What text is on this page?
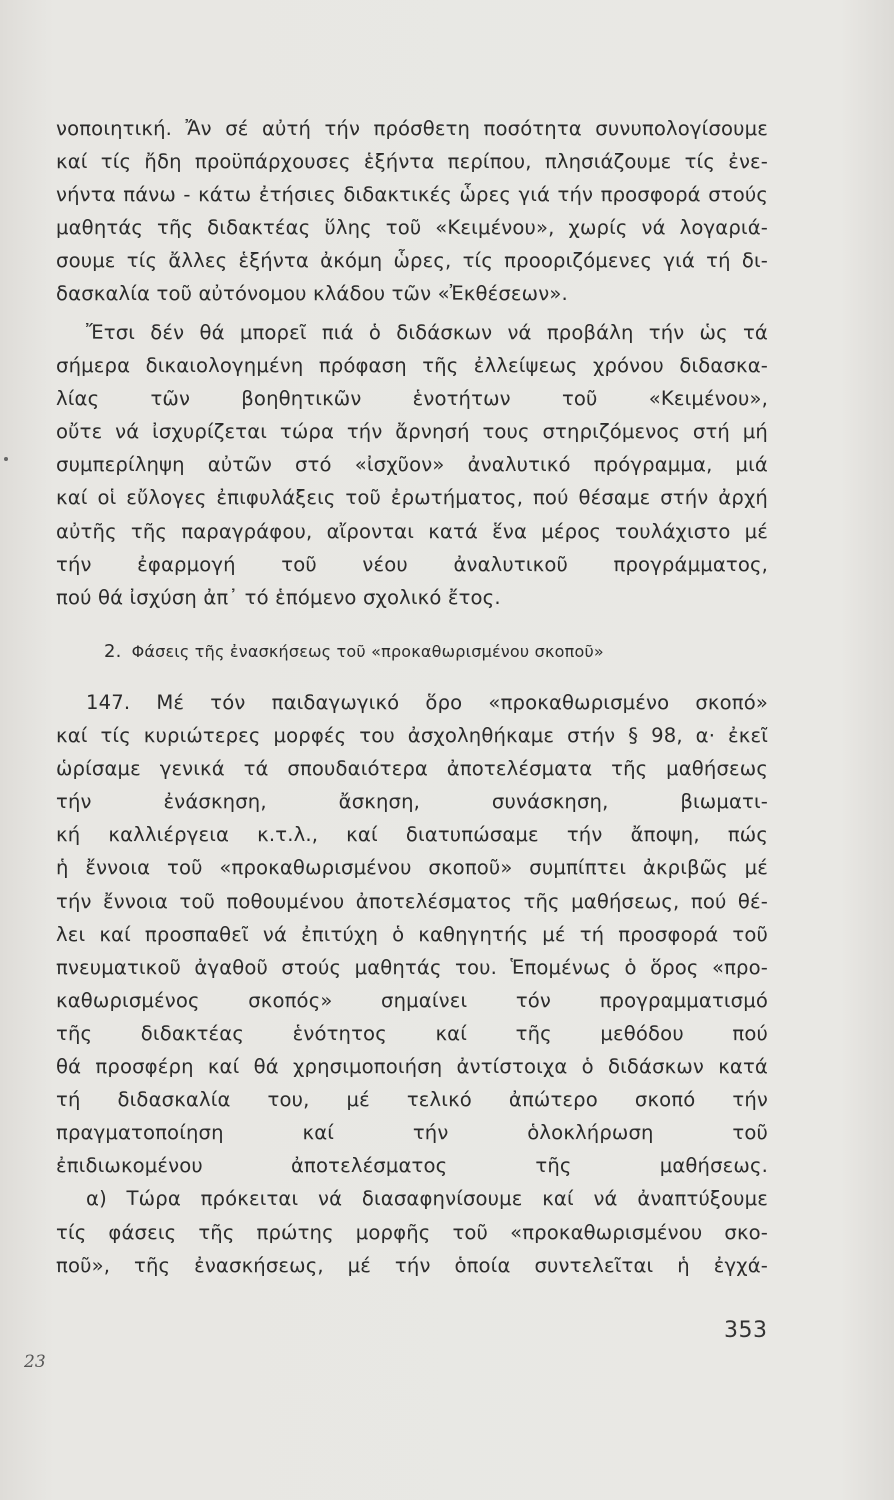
νοποιητική. Ἄν σέ αὐτή τήν πρόσθετη ποσότητα συνυπολογίσουμε
καί τίς ἤδη προϋπάρχουσες ἑξήντα περίπου, πλησιάζουμε τίς ἐνε-
νήντα πάνω - κάτω ἐτήσιες διδακτικές ὧρες γιά τήν προσφορά στούς
μαθητάς τῆς διδακτέας ὕλης τοῦ «Κειμένου», χωρίς νά λογαριά-
σουμε τίς ἄλλες ἑξήντα ἀκόμη ὧρες, τίς προοριζόμενες γιά τή δι-
δασκαλία τοῦ αὐτόνομου κλάδου τῶν «Ἐκθέσεων».
Ἔτσι δέν θά μπορεῖ πιά ὁ διδάσκων νά προβάλη τήν ὡς τά
σήμερα δικαιολογημένη πρόφαση τῆς ἐλλείψεως χρόνου διδασκα-
λίας τῶν βοηθητικῶν ἑνοτήτων τοῦ «Κειμένου»,
οὔτε νά ἰσχυρίζεται τώρα τήν ἄρνησή τους στηριζόμενος στή μή
συμπερίληψη αὐτῶν στό «ἰσχῦον» ἀναλυτικό πρόγραμμα, μιά
καί οἱ εὔλογες ἐπιφυλάξεις τοῦ ἐρωτήματος, πού θέσαμε στήν ἀρχή
αὐτῆς τῆς παραγράφου, αἴρονται κατά ἕνα μέρος τουλάχιστο μέ
τήν ἐφαρμογή τοῦ νέου ἀναλυτικοῦ προγράμματος,
πού θά ἰσχύση ἀπ᾽ τό ἑπόμενο σχολικό ἔτος.
2. Φάσεις τῆς ἐνασκήσεως τοῦ «προκαθωρισμένου σκοποῦ»
147. Μέ τόν παιδαγωγικό ὅρο «προκαθωρισμένο σκοπό»
καί τίς κυριώτερες μορφές του ἀσχοληθήκαμε στήν § 98, α· ἐκεῖ
ὡρίσαμε γενικά τά σπουδαιότερα ἀποτελέσματα τῆς μαθήσεως
τήν ἐνάσκηση, ἄσκηση, συνάσκηση, βιωματι-
κή καλλιέργεια κ.τ.λ., καί διατυπώσαμε τήν ἄποψη, πώς
ἡ ἔννοια τοῦ «προκαθωρισμένου σκοποῦ» συμπίπτει ἀκριβῶς μέ
τήν ἔννοια τοῦ ποθουμένου ἀποτελέσματος τῆς μαθήσεως, πού θέ-
λει καί προσπαθεῖ νά ἐπιτύχη ὁ καθηγητής μέ τή προσφορά τοῦ
πνευματικοῦ ἀγαθοῦ στούς μαθητάς του. Ἑπομένως ὁ ὅρος «προ-
καθωρισμένος σκοπός» σημαίνει τόν προγραμματισμό
τῆς διδακτέας ἑνότητος καί τῆς μεθόδου πού
θά προσφέρη καί θά χρησιμοποιήση ἀντίστοιχα ὁ διδάσκων κατά
τή διδασκαλία του, μέ τελικό ἀπώτερο σκοπό τήν
πραγματοποίηση καί τήν ὁλοκλήρωση τοῦ
ἐπιδιωκομένου ἀποτελέσματος τῆς μαθήσεως.
α) Τώρα πρόκειται νά διασαφηνίσουμε καί νά ἀναπτύξουμε
τίς φάσεις τῆς πρώτης μορφῆς τοῦ «προκαθωρισμένου σκο-
ποῦ», τῆς ἐνασκήσεως, μέ τήν ὁποία συντελεῖται ἡ ἐγχά-
353
23
